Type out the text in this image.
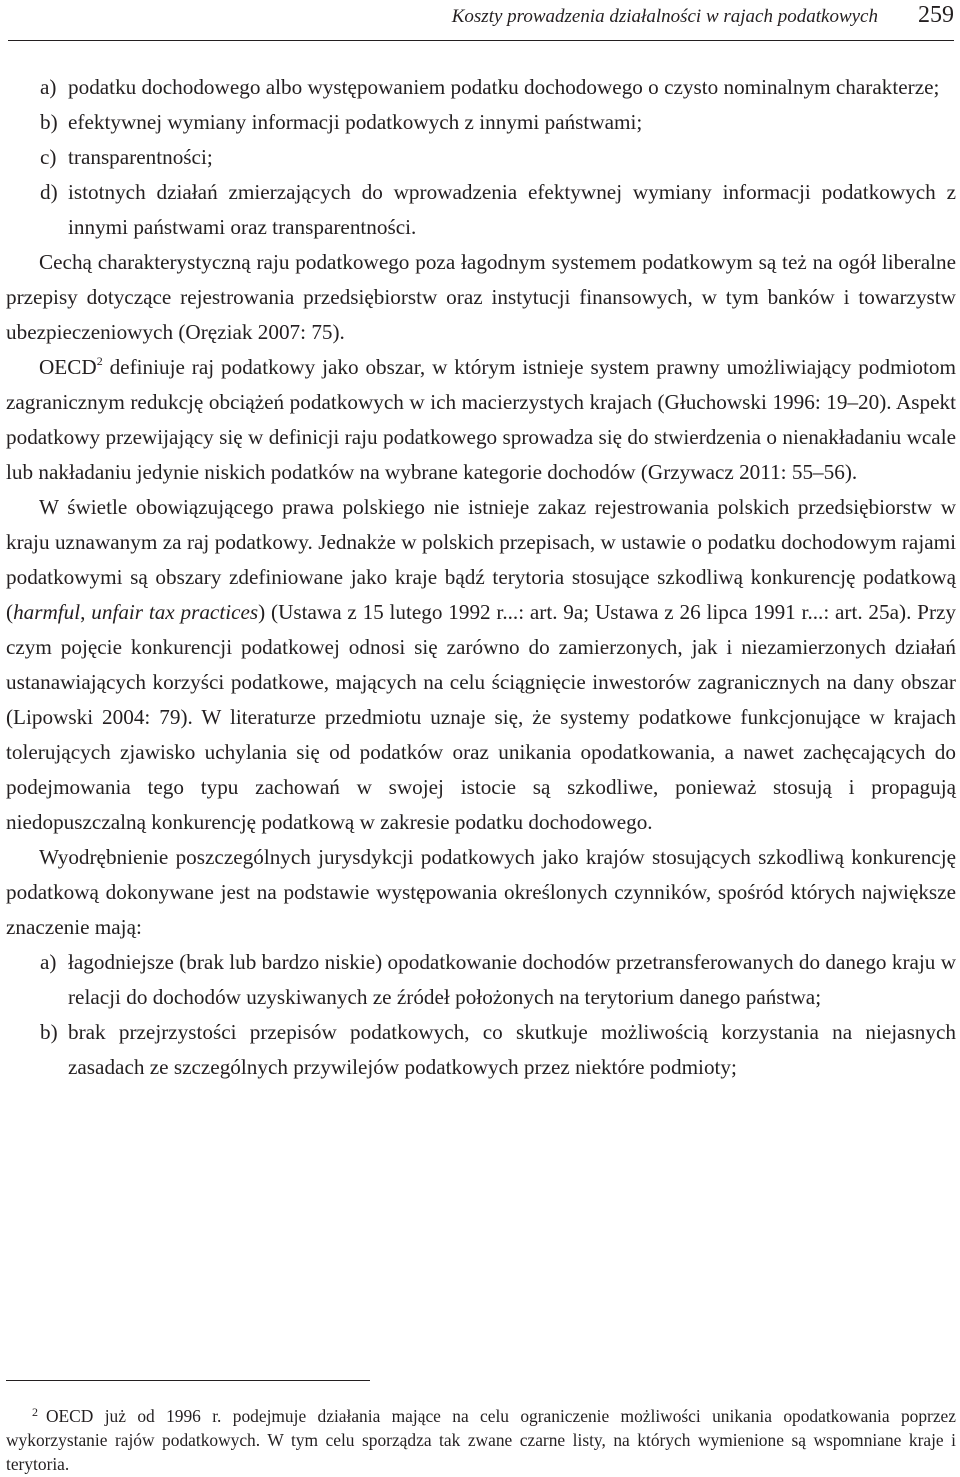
Koszty prowadzenia działalności w rajach podatkowych 259
a) podatku dochodowego albo występowaniem podatku dochodowego o czysto nominalnym charakterze;
b) efektywnej wymiany informacji podatkowych z innymi państwami;
c) transparentności;
d) istotnych działań zmierzających do wprowadzenia efektywnej wymiany informacji podatkowych z innymi państwami oraz transparentności.

Cechą charakterystyczną raju podatkowego poza łagodnym systemem podatkowym są też na ogół liberalne przepisy dotyczące rejestrowania przedsiębiorstw oraz instytucji finansowych, w tym banków i towarzystw ubezpieczeniowych (Oręziak 2007: 75).

OECD$^2$ definiuje raj podatkowy jako obszar, w którym istnieje system prawny umożliwiający podmiotom zagranicznym redukcję obciążeń podatkowych w ich macierzystych krajach (Głuchowski 1996: 19–20). Aspekt podatkowy przewijający się w definicji raju podatkowego sprowadza się do stwierdzenia o nienakładaniu wcale lub nakładaniu jedynie niskich podatków na wybrane kategorie dochodów (Grzywacz 2011: 55–56).

W świetle obowiązującego prawa polskiego nie istnieje zakaz rejestrowania polskich przedsiębiorstw w kraju uznawanym za raj podatkowy. Jednakże w polskich przepisach, w ustawie o podatku dochodowym rajami podatkowymi są obszary zdefiniowane jako kraje bądź terytoria stosujące szkodliwą konkurencję podatkową (harmful, unfair tax practices) (Ustawa z 15 lutego 1992 r...: art. 9a; Ustawa z 26 lipca 1991 r...: art. 25a). Przy czym pojęcie konkurencji podatkowej odnosi się zarówno do zamierzonych, jak i niezamierzonych działań ustanawiających korzyści podatkowe, mających na celu ściągnięcie inwestorów zagranicznych na dany obszar (Lipowski 2004: 79). W literaturze przedmiotu uznaje się, że systemy podatkowe funkcjonujące w krajach tolerujących zjawisko uchylania się od podatków oraz unikania opodatkowania, a nawet zachęcających do podejmowania tego typu zachowań w swojej istocie są szkodliwe, ponieważ stosują i propagują niedopuszczalną konkurencję podatkową w zakresie podatku dochodowego.

Wyodrębnienie poszczególnych jurysdykcji podatkowych jako krajów stosujących szkodliwą konkurencję podatkową dokonywane jest na podstawie występowania określonych czynników, spośród których największe znaczenie mają:

a) łagodniejsze (brak lub bardzo niskie) opodatkowanie dochodów przetransferowanych do danego kraju w relacji do dochodów uzyskiwanych ze źródeł położonych na terytorium danego państwa;
b) brak przejrzystości przepisów podatkowych, co skutkuje możliwością korzystania na niejasnych zasadach ze szczególnych przywilejów podatkowych przez niektóre podmioty;

$^2$ OECD już od 1996 r. podejmuje działania mające na celu ograniczenie możliwości unikania opodatkowania poprzez wykorzystanie rajów podatkowych. W tym celu sporządza tak zwane czarne listy, na których wymienione są wspomniane kraje i terytoria.
